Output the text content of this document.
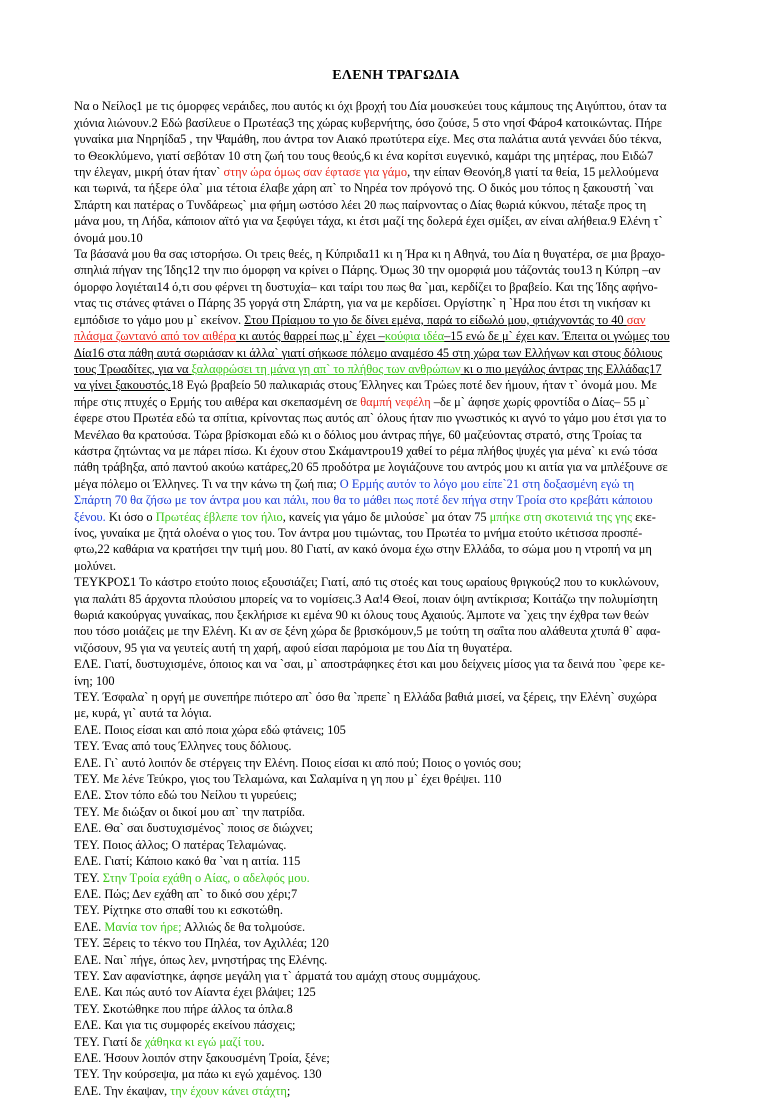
ΕΛΕΝΗ ΤΡΑΓΩΔΙΑ
Να ο Νείλος1 με τις όμορφες νεράιδες, που αυτός κι όχι βροχή του Δία μουσκεύει τους κάμπους της Αιγύπτου, όταν τα
χιόνια λιώνουν.2 Εδώ βασίλευε ο Πρωτέας3 της χώρας κυβερνήτης, όσο ζούσε, 5 στο νησί Φάρο4 κατοικώντας. Πήρε
γυναίκα μια Νηρηίδα5 , την Ψαμάθη, που άντρα τον Αιακό πρωτύτερα είχε. Μες στα παλάτια αυτά γεννάει δύο τέκνα,
το Θεοκλύμενο, γιατί σεβόταν 10 στη ζωή του τους θεούς,6 κι ένα κορίτσι ευγενικό, καμάρι της μητέρας, που Ειδώ7
την έλεγαν, μικρή όταν ήταν` στην ώρα όμως σαν έφτασε για γάμο, την είπαν Θεονόη,8 γιατί τα θεία, 15 μελλούμενα
και τωρινά, τα ήξερε όλα` μια τέτοια έλαβε χάρη απ` το Νηρέα τον πρόγονό της. Ο δικός μου τόπος η ξακουστή `ναι
Σπάρτη και πατέρας ο Τυνδάρεως` μια φήμη ωστόσο λέει 20 πως παίρνοντας ο Δίας θωριά κύκνου, πέταξε προς τη
μάνα μου, τη Λήδα, κάποιον αϊτό για να ξεφύγει τάχα, κι έτσι μαζί της δολερά έχει σμίξει, αν είναι αλήθεια.9 Ελένη τ`
όνομά μου.10
Τα βάσανά μου θα σας ιστορήσω. Οι τρεις θεές, η Κύπριδα11 κι η Ήρα κι η Αθηνά, του Δία η θυγατέρα, σε μια βραχο-
σπηλιά πήγαν της Ίδης12 την πιο όμορφη να κρίνει ο Πάρης. Όμως 30 την ομορφιά μου τάζοντάς του13 η Κύπρη –αν
όμορφο λογιέται14 ό,τι σου φέρνει τη δυστυχία– και ταίρι του πως θα `μαι, κερδίζει το βραβείο. Και της Ίδης αφήνο-
ντας τις στάνες φτάνει ο Πάρης 35 γοργά στη Σπάρτη, για να με κερδίσει. Οργίστηκ` η `Ηρα που έτσι τη νικήσαν κι
εμπόδισε το γάμο μου μ` εκείνον. Στου Πρίαμου το γιο δε δίνει εμένα, παρά το είδωλό μου, φτιάχνοντάς το 40 σαν
πλάσμα ζωντανό από τον αιθέρα κι αυτός θαρρεί πως μ` έχει –κούφια ιδέα–15 ενώ δε μ` έχει καν. Έπειτα οι γνώμες του
Δία16 στα πάθη αυτά σωριάσαν κι άλλα` γιατί σήκωσε πόλεμο αναμέσο 45 στη χώρα των Ελλήνων και στους δόλιους
τους Τρωαδίτες, για να ξαλαφρώσει τη μάνα γη απ` το πλήθος των ανθρώπων κι ο πιο μεγάλος άντρας της Ελλάδας17
να γίνει ξακουστός.18 Εγώ βραβείο 50 παλικαριάς στους Έλληνες και Τρώες ποτέ δεν ήμουν, ήταν τ` όνομά μου. Με
πήρε στις πτυχές ο Ερμής του αιθέρα και σκεπασμένη σε θαμπή νεφέλη –δε μ` άφησε χωρίς φροντίδα ο Δίας– 55 μ`
έφερε στου Πρωτέα εδώ τα σπίτια, κρίνοντας πως αυτός απ` όλους ήταν πιο γνωστικός κι αγνό το γάμο μου έτσι για το
Μενέλαο θα κρατούσα. Τώρα βρίσκομαι εδώ κι ο δόλιος μου άντρας πήγε, 60 μαζεύοντας στρατό, στης Τροίας τα
κάστρα ζητώντας να με πάρει πίσω. Κι έχουν στου Σκάμαντρου19 χαθεί το ρέμα πλήθος ψυχές για μένα` κι ενώ τόσα
πάθη τράβηξα, από παντού ακούω κατάρες,20 65 προδότρα με λογιάζουνε του αντρός μου κι αιτία για να μπλέξουνε σε
μέγα πόλεμο οι Έλληνες. Τι να την κάνω τη ζωή πια; Ο Ερμής αυτόν το λόγο μου είπε`21 στη δοξασμένη εγώ τη
Σπάρτη 70 θα ζήσω με τον άντρα μου και πάλι, που θα το μάθει πως ποτέ δεν πήγα στην Τροία στο κρεβάτι κάποιου
ξένου. Κι όσο ο Πρωτέας έβλεπε τον ήλιο, κανείς για γάμο δε μιλούσε` μα όταν 75 μπήκε στη σκοτεινιά της γης εκε-
ίνος, γυναίκα με ζητά ολοένα ο γιος του. Τον άντρα μου τιμώντας, του Πρωτέα το μνήμα ετούτο ικέτισσα προσπέ-
φτω,22 καθάρια να κρατήσει την τιμή μου. 80 Γιατί, αν κακό όνομα έχω στην Ελλάδα, το σώμα μου η ντροπή να μη
μολύνει.
ΤΕΥΚΡΟΣ1 Το κάστρο ετούτο ποιος εξουσιάζει; Γιατί, από τις στοές και τους ωραίους θριγκούς2 που το κυκλώνουν,
για παλάτι 85 άρχοντα πλούσιου μπορείς να το νομίσεις.3 Αα!4 Θεοί, ποιαν όψη αντίκρισα; Κοιτάζω την πολυμίσητη
θωριά κακούργας γυναίκας, που ξεκλήρισε κι εμένα 90 κι όλους τους Αχαιούς. Άμποτε να `χεις την έχθρα των θεών
που τόσο μοιάζεις με την Ελένη. Κι αν σε ξένη χώρα δε βρισκόμουν,5 με τούτη τη σαΐτα που αλάθευτα χτυπά θ` αφα-
νιζόσουν, 95 για να γευτείς αυτή τη χαρή, αφού είσαι παρόμοια με του Δία τη θυγατέρα.
ΕΛΕ. Γιατί, δυστυχισμένε, όποιος και να `σαι, μ` αποστράφηκες έτσι και μου δείχνεις μίσος για τα δεινά που `φερε κε-
ίνη; 100
ΤΕΥ. Έσφαλα` η οργή με συνεπήρε πιότερο απ` όσο θα `πρεπε` η Ελλάδα βαθιά μισεί, να ξέρεις, την Ελένη` συχώρα
με, κυρά, γι` αυτά τα λόγια.
ΕΛΕ. Ποιος είσαι και από ποια χώρα εδώ φτάνεις; 105
ΤΕΥ. Ένας από τους Έλληνες τους δόλιους.
ΕΛΕ. Γι` αυτό λοιπόν δε στέργεις την Ελένη. Ποιος είσαι κι από πού; Ποιος ο γονιός σου;
ΤΕΥ. Με λένε Τεύκρο, γιος του Τελαμώνα, και Σαλαμίνα η γη που μ` έχει θρέψει. 110
ΕΛΕ. Στον τόπο εδώ του Νείλου τι γυρεύεις;
ΤΕΥ. Με διώξαν οι δικοί μου απ` την πατρίδα.
ΕΛΕ. Θα` σαι δυστυχισμένος` ποιος σε διώχνει;
ΤΕΥ. Ποιος άλλος; Ο πατέρας Τελαμώνας.
ΕΛΕ. Γιατί; Κάποιο κακό θα `ναι η αιτία. 115
ΤΕΥ. Στην Τροία εχάθη ο Αίας, ο αδελφός μου.
ΕΛΕ. Πώς; Δεν εχάθη απ` το δικό σου χέρι;7
ΤΕΥ. Ρίχτηκε στο σπαθί του κι εσκοτώθη.
ΕΛΕ. Μανία τον ήρε; Αλλιώς δε θα τολμούσε.
ΤΕΥ. Ξέρεις το τέκνο του Πηλέα, τον Αχιλλέα; 120
ΕΛΕ. Ναι` πήγε, όπως λεν, μνηστήρας της Ελένης.
ΤΕΥ. Σαν αφανίστηκε, άφησε μεγάλη για τ` άρματά του αμάχη στους συμμάχους.
ΕΛΕ. Και πώς αυτό τον Αίαντα έχει βλάψει; 125
ΤΕΥ. Σκοτώθηκε που πήρε άλλος τα όπλα.8
ΕΛΕ. Και για τις συμφορές εκείνου πάσχεις;
ΤΕΥ. Γιατί δε χάθηκα κι εγώ μαζί του.
ΕΛΕ. Ήσουν λοιπόν στην ξακουσμένη Τροία, ξένε;
ΤΕΥ. Την κούρσεψα, μα πάω κι εγώ χαμένος. 130
ΕΛΕ. Την έκαψαν, την έχουν κάνει στάχτη;
